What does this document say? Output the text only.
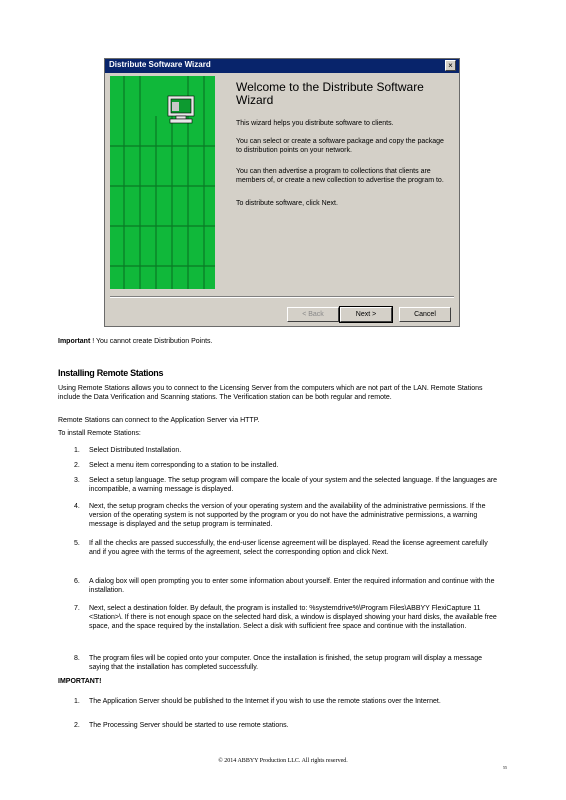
Distribute Software Wizard	×
Welcome to the Distribute Software Wizard
This wizard helps you distribute software to clients.
You can select or create a software package and copy the package to distribution points on your network.
You can then advertise a program to collections that clients are members of, or create a new collection to advertise the program to.
To distribute software, click Next.
< Back	Next >	Cancel
Important ! You cannot create Distribution Points.
Installing Remote Stations
Using Remote Stations allows you to connect to the Licensing Server from the computers which are not part of the LAN. Remote Stations include the Data Verification and Scanning stations. The Verification station can be both regular and remote.
Remote Stations can connect to the Application Server via HTTP.
To install Remote Stations:
1.	Select Distributed Installation.
2.	Select a menu item corresponding to a station to be installed.
3.	Select a setup language. The setup program will compare the locale of your system and the selected language. If the languages are incompatible, a warning message is displayed.
4.	Next, the setup program checks the version of your operating system and the availability of the administrative permissions. If the version of the operating system is not supported by the program or you do not have the administrative permissions, a warning message is displayed and the setup program is terminated.
5.	If all the checks are passed successfully, the end-user license agreement will be displayed. Read the license agreement carefully and if you agree with the terms of the agreement, select the corresponding option and click Next.
6.	A dialog box will open prompting you to enter some information about yourself. Enter the required information and continue with the installation.
7.	Next, select a destination folder. By default, the program is installed to: %systemdrive%\Program Files\ABBYY FlexiCapture 11 <Station>\. If there is not enough space on the selected hard disk, a window is displayed showing your hard disks, the available free space, and the space required by the installation. Select a disk with sufficient free space and continue with the installation.
8.	The program files will be copied onto your computer. Once the installation is finished, the setup program will display a message saying that the installation has completed successfully.
IMPORTANT!
1.	The Application Server should be published to the Internet if you wish to use the remote stations over the Internet.
2.	The Processing Server should be started to use remote stations.
© 2014 ABBYY Production LLC. All rights reserved.
55
